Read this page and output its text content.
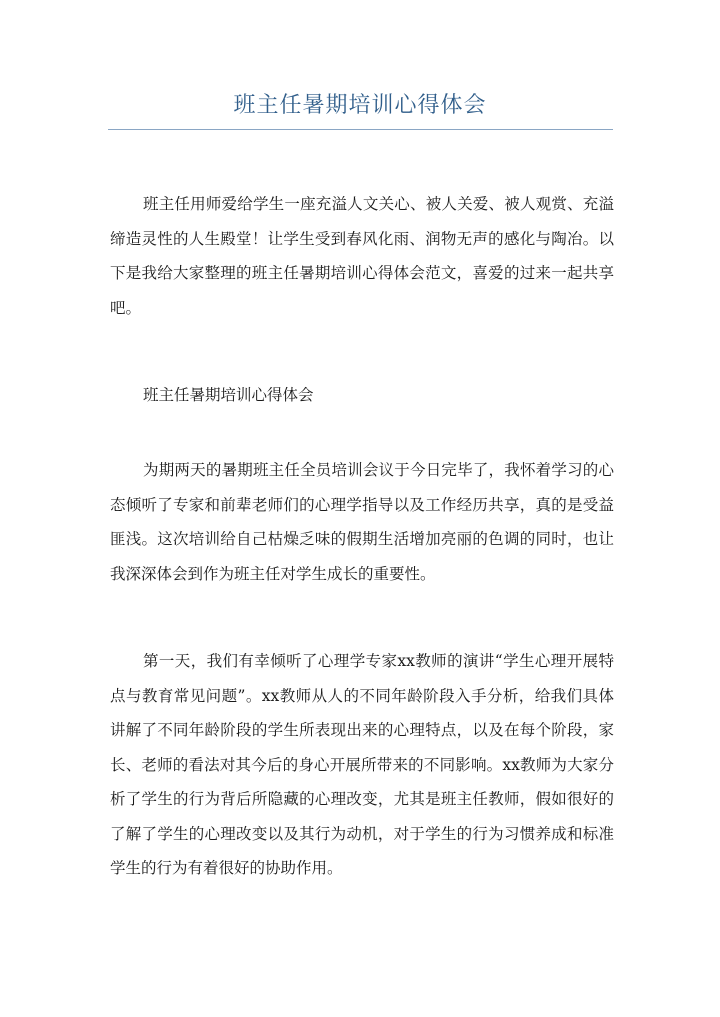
班主任暑期培训心得体会

班主任用师爱给学生一座充溢人文关心、被人关爱、被人观赏、充溢缔造灵性的人生殿堂！让学生受到春风化雨、润物无声的感化与陶冶。以下是我给大家整理的班主任暑期培训心得体会范文，喜爱的过来一起共享吧。

班主任暑期培训心得体会

为期两天的暑期班主任全员培训会议于今日完毕了，我怀着学习的心态倾听了专家和前辈老师们的心理学指导以及工作经历共享，真的是受益匪浅。这次培训给自己枯燥乏味的假期生活增加亮丽的色调的同时，也让我深深体会到作为班主任对学生成长的重要性。

第一天，我们有幸倾听了心理学专家xx教师的演讲“学生心理开展特点与教育常见问题”。xx教师从人的不同年龄阶段入手分析，给我们具体讲解了不同年龄阶段的学生所表现出来的心理特点，以及在每个阶段，家长、老师的看法对其今后的身心开展所带来的不同影响。xx教师为大家分析了学生的行为背后所隐藏的心理改变，尤其是班主任教师，假如很好的了解了学生的心理改变以及其行为动机，对于学生的行为习惯养成和标准学生的行为有着很好的协助作用。
